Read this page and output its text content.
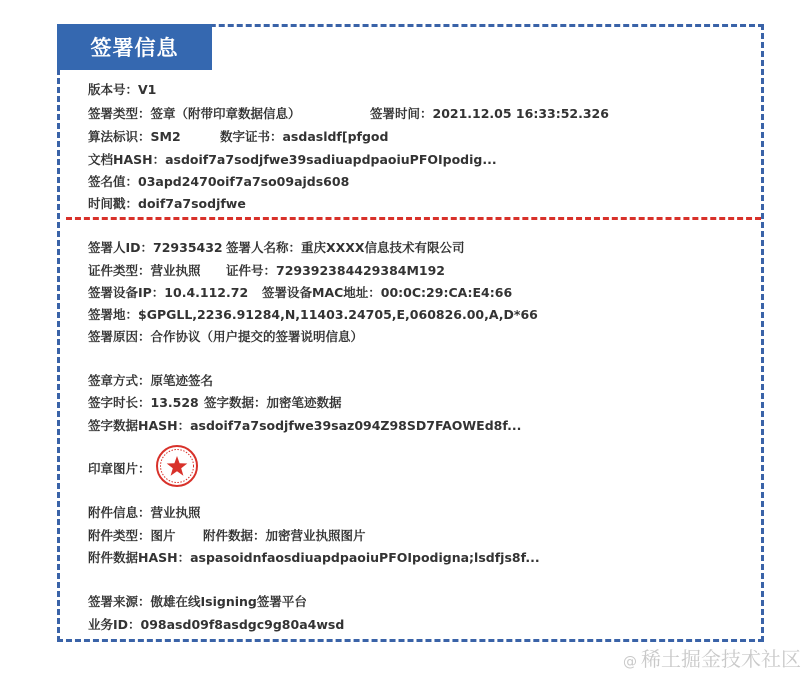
签署信息
版本号：V1
签署类型：签章（附带印章数据信息）	签署时间：2021.12.05 16:33:52.326
算法标识：SM2	数字证书：asdasldf[pfgod
文档HASH：asdoif7a7sodjfwe39sadiuapdpaoiuPFOIpodig...
签名值：03apd2470oif7a7so09ajds608
时间戳：doif7a7sodjfwe
签署人ID：72935432 签署人名称：重庆XXXX信息技术有限公司
证件类型：营业执照 证件号：729392384429384M192
签署设备IP：10.4.112.72 签署设备MAC地址：00:0C:29:CA:E4:66
签署地：$GPGLL,2236.91284,N,11403.24705,E,060826.00,A,D*66
签署原因：合作协议（用户提交的签署说明信息）
签章方式：原笔迹签名
签字时长：13.528 签字数据：加密笔迹数据
签字数据HASH：asdoif7a7sodjfwe39saz094Z98SD7FAOWEd8f...
印章图片：
附件信息：营业执照
附件类型：图片 附件数据：加密营业执照图片
附件数据HASH：aspasoidnfaosdiuapdpaoiuPFOIpodigna;lsdfjs8f...
签署来源：傲雄在线Isigning签署平台
业务ID：098asd09f8asdgc9g80a4wsd
@ 稀土掘金技术社区
